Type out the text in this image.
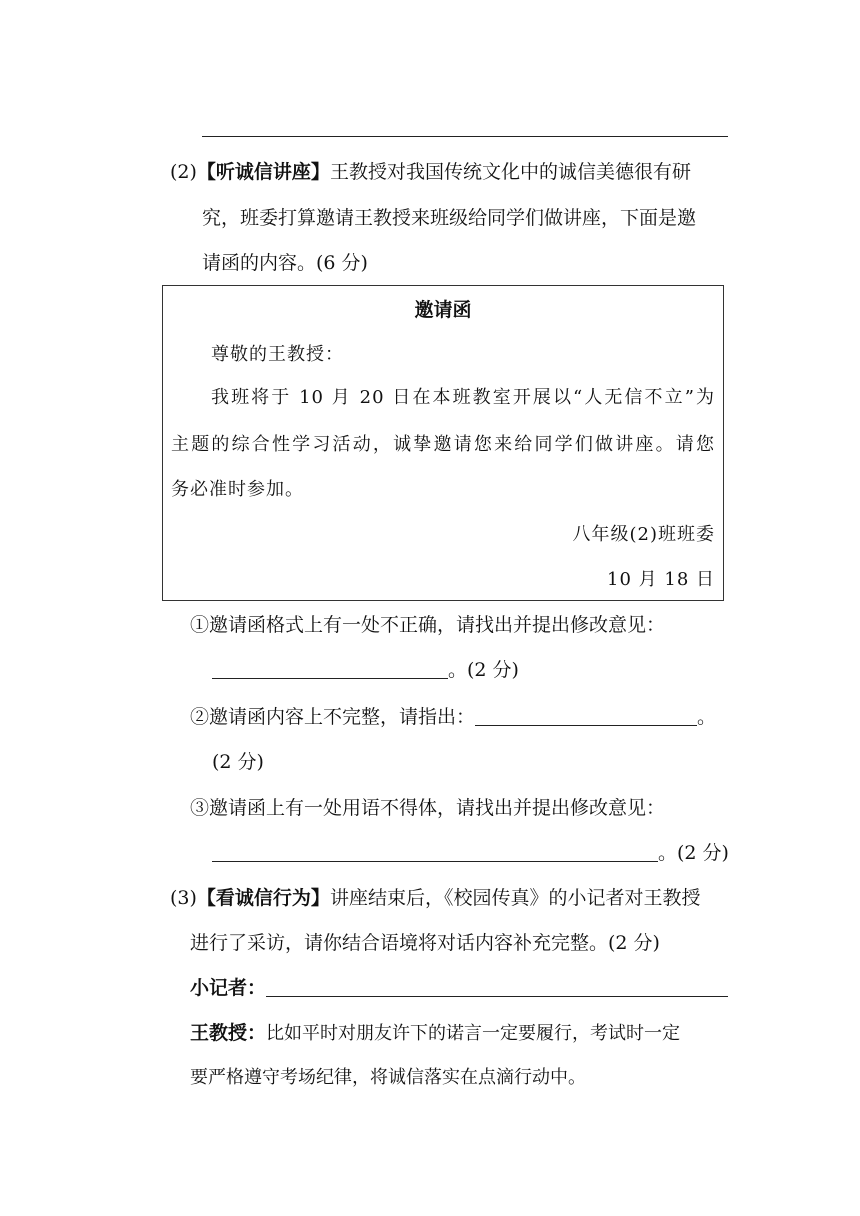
(2)【听诚信讲座】王教授对我国传统文化中的诚信美德很有研
究，班委打算邀请王教授来班级给同学们做讲座，下面是邀
请函的内容。(6 分)
邀请函
尊敬的王教授：
我班将于 10 月 20 日在本班教室开展以“人无信不立”为
主题的综合性学习活动，诚挚邀请您来给同学们做讲座。请您
务必准时参加。
八年级(2)班班委
10 月 18 日
①邀请函格式上有一处不正确，请找出并提出修改意见：
。(2 分)
②邀请函内容上不完整，请指出：	。
(2 分)
③邀请函上有一处用语不得体，请找出并提出修改意见：
。(2 分)
(3)【看诚信行为】讲座结束后，《校园传真》的小记者对王教授
进行了采访，请你结合语境将对话内容补充完整。(2 分)
小记者：
王教授：比如平时对朋友许下的诺言一定要履行，考试时一定
要严格遵守考场纪律，将诚信落实在点滴行动中。
